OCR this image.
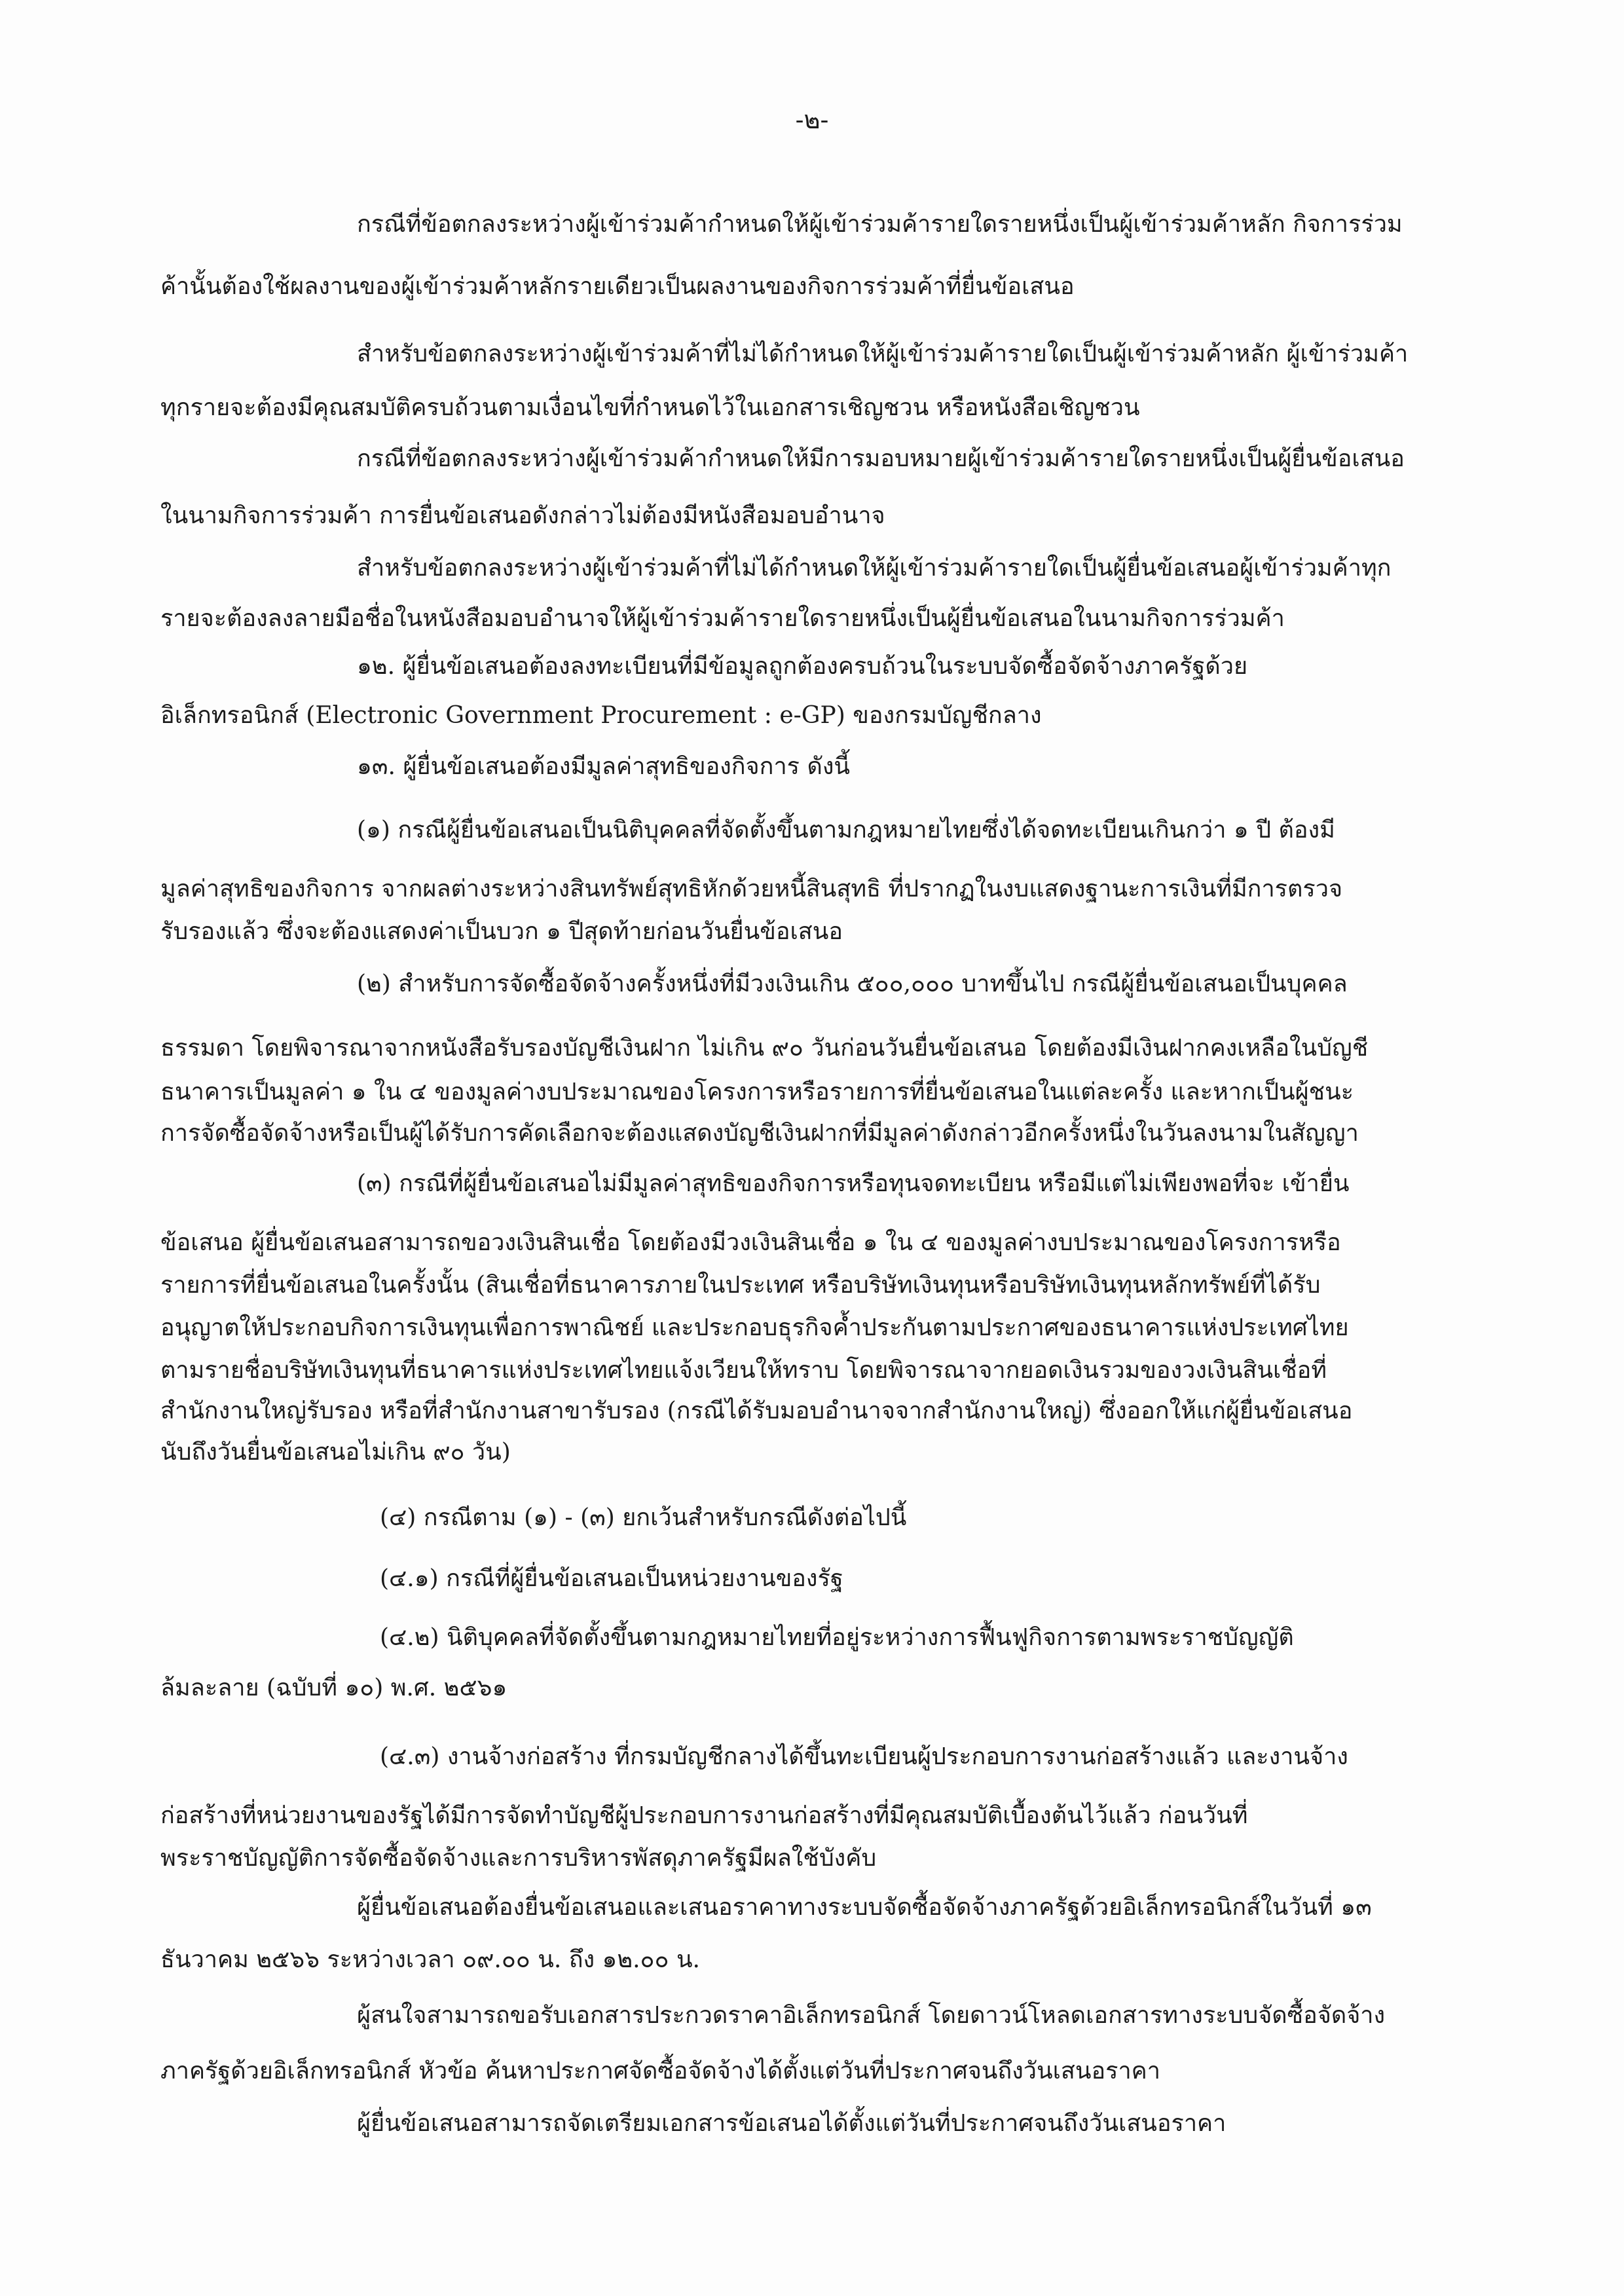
-๒-
กรณีที่ข้อตกลงระหว่างผู้เข้าร่วมค้ากำหนดให้ผู้เข้าร่วมค้ารายใดรายหนึ่งเป็นผู้เข้าร่วมค้าหลัก กิจการร่วม
ค้านั้นต้องใช้ผลงานของผู้เข้าร่วมค้าหลักรายเดียวเป็นผลงานของกิจการร่วมค้าที่ยื่นข้อเสนอ
สำหรับข้อตกลงระหว่างผู้เข้าร่วมค้าที่ไม่ได้กำหนดให้ผู้เข้าร่วมค้ารายใดเป็นผู้เข้าร่วมค้าหลัก ผู้เข้าร่วมค้า
ทุกรายจะต้องมีคุณสมบัติครบถ้วนตามเงื่อนไขที่กำหนดไว้ในเอกสารเชิญชวน หรือหนังสือเชิญชวน
กรณีที่ข้อตกลงระหว่างผู้เข้าร่วมค้ากำหนดให้มีการมอบหมายผู้เข้าร่วมค้ารายใดรายหนึ่งเป็นผู้ยื่นข้อเสนอ
ในนามกิจการร่วมค้า การยื่นข้อเสนอดังกล่าวไม่ต้องมีหนังสือมอบอำนาจ
สำหรับข้อตกลงระหว่างผู้เข้าร่วมค้าที่ไม่ได้กำหนดให้ผู้เข้าร่วมค้ารายใดเป็นผู้ยื่นข้อเสนอผู้เข้าร่วมค้าทุก
รายจะต้องลงลายมือชื่อในหนังสือมอบอำนาจให้ผู้เข้าร่วมค้ารายใดรายหนึ่งเป็นผู้ยื่นข้อเสนอในนามกิจการร่วมค้า
๑๒. ผู้ยื่นข้อเสนอต้องลงทะเบียนที่มีข้อมูลถูกต้องครบถ้วนในระบบจัดซื้อจัดจ้างภาครัฐด้วย
อิเล็กทรอนิกส์ (Electronic Government Procurement : e-GP) ของกรมบัญชีกลาง
๑๓. ผู้ยื่นข้อเสนอต้องมีมูลค่าสุทธิของกิจการ ดังนี้
(๑) กรณีผู้ยื่นข้อเสนอเป็นนิติบุคคลที่จัดตั้งขึ้นตามกฎหมายไทยซึ่งได้จดทะเบียนเกินกว่า ๑ ปี ต้องมี
มูลค่าสุทธิของกิจการ จากผลต่างระหว่างสินทรัพย์สุทธิหักด้วยหนี้สินสุทธิ ที่ปรากฏในงบแสดงฐานะการเงินที่มีการตรวจ
รับรองแล้ว ซึ่งจะต้องแสดงค่าเป็นบวก ๑ ปีสุดท้ายก่อนวันยื่นข้อเสนอ
(๒) สำหรับการจัดซื้อจัดจ้างครั้งหนึ่งที่มีวงเงินเกิน ๕๐๐,๐๐๐ บาทขึ้นไป กรณีผู้ยื่นข้อเสนอเป็นบุคคล
ธรรมดา โดยพิจารณาจากหนังสือรับรองบัญชีเงินฝาก ไม่เกิน ๙๐ วันก่อนวันยื่นข้อเสนอ โดยต้องมีเงินฝากคงเหลือในบัญชี
ธนาคารเป็นมูลค่า ๑ ใน ๔ ของมูลค่างบประมาณของโครงการหรือรายการที่ยื่นข้อเสนอในแต่ละครั้ง และหากเป็นผู้ชนะ
การจัดซื้อจัดจ้างหรือเป็นผู้ได้รับการคัดเลือกจะต้องแสดงบัญชีเงินฝากที่มีมูลค่าดังกล่าวอีกครั้งหนึ่งในวันลงนามในสัญญา
(๓) กรณีที่ผู้ยื่นข้อเสนอไม่มีมูลค่าสุทธิของกิจการหรือทุนจดทะเบียน หรือมีแต่ไม่เพียงพอที่จะ เข้ายื่น
ข้อเสนอ ผู้ยื่นข้อเสนอสามารถขอวงเงินสินเชื่อ โดยต้องมีวงเงินสินเชื่อ ๑ ใน ๔ ของมูลค่างบประมาณของโครงการหรือ
รายการที่ยื่นข้อเสนอในครั้งนั้น (สินเชื่อที่ธนาคารภายในประเทศ หรือบริษัทเงินทุนหรือบริษัทเงินทุนหลักทรัพย์ที่ได้รับ
อนุญาตให้ประกอบกิจการเงินทุนเพื่อการพาณิชย์ และประกอบธุรกิจค้ำประกันตามประกาศของธนาคารแห่งประเทศไทย
ตามรายชื่อบริษัทเงินทุนที่ธนาคารแห่งประเทศไทยแจ้งเวียนให้ทราบ โดยพิจารณาจากยอดเงินรวมของวงเงินสินเชื่อที่
สำนักงานใหญ่รับรอง หรือที่สำนักงานสาขารับรอง (กรณีได้รับมอบอำนาจจากสำนักงานใหญ่) ซึ่งออกให้แก่ผู้ยื่นข้อเสนอ
นับถึงวันยื่นข้อเสนอไม่เกิน ๙๐ วัน)
(๔) กรณีตาม (๑) - (๓) ยกเว้นสำหรับกรณีดังต่อไปนี้
(๔.๑) กรณีที่ผู้ยื่นข้อเสนอเป็นหน่วยงานของรัฐ
(๔.๒) นิติบุคคลที่จัดตั้งขึ้นตามกฎหมายไทยที่อยู่ระหว่างการฟื้นฟูกิจการตามพระราชบัญญัติ
ล้มละลาย (ฉบับที่ ๑๐) พ.ศ. ๒๕๖๑
(๔.๓) งานจ้างก่อสร้าง ที่กรมบัญชีกลางได้ขึ้นทะเบียนผู้ประกอบการงานก่อสร้างแล้ว และงานจ้าง
ก่อสร้างที่หน่วยงานของรัฐได้มีการจัดทำบัญชีผู้ประกอบการงานก่อสร้างที่มีคุณสมบัติเบื้องต้นไว้แล้ว ก่อนวันที่
พระราชบัญญัติการจัดซื้อจัดจ้างและการบริหารพัสดุภาครัฐมีผลใช้บังคับ
ผู้ยื่นข้อเสนอต้องยื่นข้อเสนอและเสนอราคาทางระบบจัดซื้อจัดจ้างภาครัฐด้วยอิเล็กทรอนิกส์ในวันที่ ๑๓
ธันวาคม ๒๕๖๖ ระหว่างเวลา ๐๙.๐๐ น. ถึง ๑๒.๐๐ น.
ผู้สนใจสามารถขอรับเอกสารประกวดราคาอิเล็กทรอนิกส์ โดยดาวน์โหลดเอกสารทางระบบจัดซื้อจัดจ้าง
ภาครัฐด้วยอิเล็กทรอนิกส์ หัวข้อ ค้นหาประกาศจัดซื้อจัดจ้างได้ตั้งแต่วันที่ประกาศจนถึงวันเสนอราคา
ผู้ยื่นข้อเสนอสามารถจัดเตรียมเอกสารข้อเสนอได้ตั้งแต่วันที่ประกาศจนถึงวันเสนอราคา
